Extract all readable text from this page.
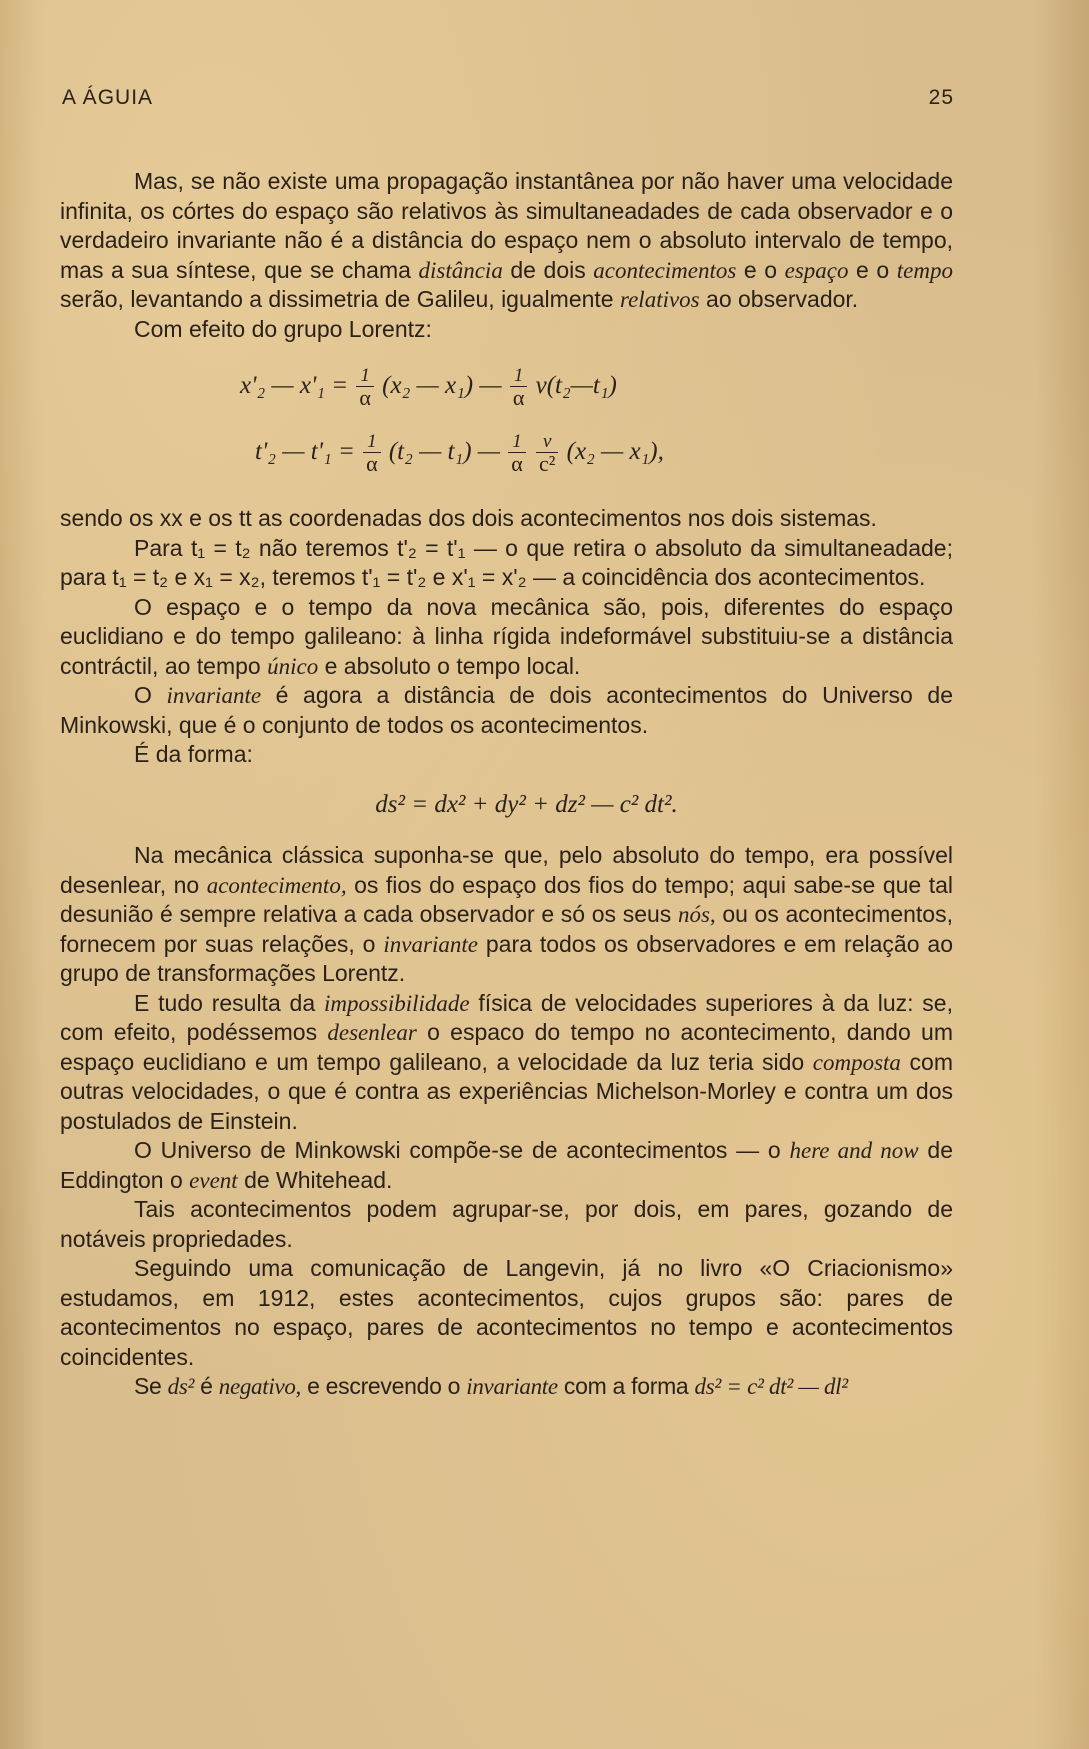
A ÁGUIA	25

Mas, se não existe uma propagação instantânea por não haver uma velocidade infinita, os córtes do espaço são relativos às simultaneadades de cada observador e o verdadeiro invariante não é a distância do espaço nem o absoluto intervalo de tempo, mas a sua síntese, que se chama distância de dois acontecimentos e o espaço e o tempo serão, levantando a dissimetria de Galileu, igualmente relativos ao observador.

Com efeito do grupo Lorentz:

x'₂ — $x'_1 = \frac{1}{\alpha} (x_2$ — x₁) — $\frac{1}{\alpha}$ v(t₂—t₁)
t'₂ — $t'_1 = \frac{1}{\alpha} (t_2$ — t₁) — $\frac{1}{\alpha}$
$\frac{v}{\text{c²}} (x_2$ — x₁),

sendo os xx e os tt as coordenadas dos dois acontecimentos nos dois sistemas.

Para t₁ = t₂ não teremos t'₂ = t'₁ — o que retira o absoluto da simultaneadade; para t₁ = t₂ e x₁ = x₂, teremos t'₁ = t'₂ e x'₁ = x'₂ — a coincidência dos acontecimentos.

O espaço e o tempo da nova mecânica são, pois, diferentes do espaço euclidiano e do tempo galileano: à linha rígida indeformável substituiu-se a distância contráctil, ao tempo único e absoluto o tempo local.

O invariante é agora a distância de dois acontecimentos do Universo de Minkowski, que é o conjunto de todos os acontecimentos.

É da forma:

ds² = dx² + dy² + dz² — c² dt².

Na mecânica clássica suponha-se que, pelo absoluto do tempo, era possível desenlear, no acontecimento, os fios do espaço dos fios do tempo; aqui sabe-se que tal desunião é sempre relativa a cada observador e só os seus nós, ou os acontecimentos, fornecem por suas relações, o invariante para todos os observadores e em relação ao grupo de transformações Lorentz.

E tudo resulta da impossibilidade física de velocidades superiores à da luz: se, com efeito, podéssemos desenlear o espaco do tempo no acontecimento, dando um espaço euclidiano e um tempo galileano, a velocidade da luz teria sido composta com outras velocidades, o que é contra as experiências Michelson-Morley e contra um dos postulados de Einstein.

O Universo de Minkowski compõe-se de acontecimentos — o here and now de Eddington o event de Whitehead.

Tais acontecimentos podem agrupar-se, por dois, em pares, gozando de notáveis propriedades.

Seguindo uma comunicação de Langevin, já no livro «O Criacionismo» estudamos, em 1912, estes acontecimentos, cujos grupos são: pares de acontecimentos no espaço, pares de acontecimentos no tempo e acontecimentos coincidentes.

Se ds² é negativo, e escrevendo o invariante com a forma ds² = c² dt² — dl²
